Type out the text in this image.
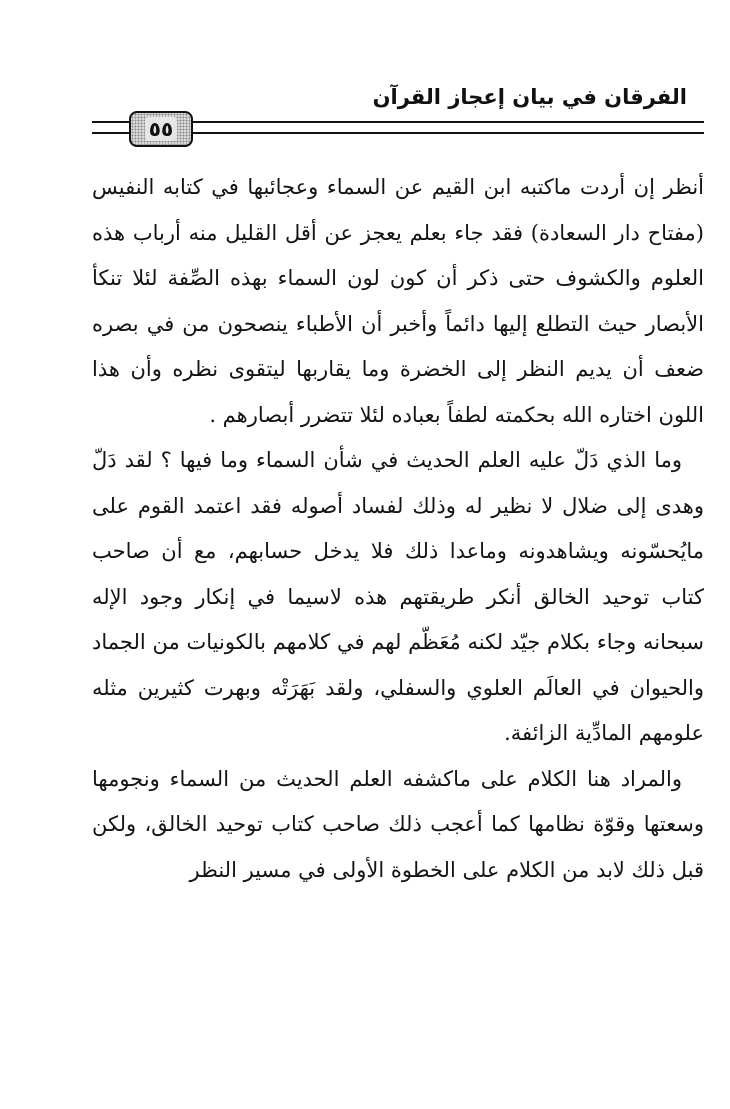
الفرقان في بيان إعجاز القرآن
٥٥

أنظر إن أردت ماكتبه ابن القيم عن السماء وعجائبها في كتابه النفيس (مفتاح دار السعادة) فقد جاء بعلم يعجز عن أقل القليل منه أرباب هذه العلوم والكشوف حتى ذكر أن كون لون السماء بهذه الصِّفة لئلا تنكأ الأبصار حيث التطلع إليها دائماً وأخبر أن الأطباء ينصحون من في بصره ضعف أن يديم النظر إلى الخضرة وما يقاربها ليتقوى نظره وأن هذا اللون اختاره الله بحكمته لطفاً بعباده لئلا تتضرر أبصارهم .

وما الذي دَلّ عليه العلم الحديث في شأن السماء وما فيها ؟ لقد دَلّ وهدى إلى ضلال لا نظير له وذلك لفساد أصوله فقد اعتمد القوم على مايُحسّونه ويشاهدونه وماعدا ذلك فلا يدخل حسابهم، مع أن صاحب كتاب توحيد الخالق أنكر طريقتهم هذه لاسيما في إنكار وجود الإله سبحانه وجاء بكلام جيّد لكنه مُعَظّم لهم في كلامهم بالكونيات من الجماد والحيوان في العالَم العلوي والسفلي، ولقد بَهَرَتْه وبهرت كثيرين مثله علومهم المادِّية الزائفة.

والمراد هنا الكلام على ماكشفه العلم الحديث من السماء ونجومها وسعتها وقوّة نظامها كما أعجب ذلك صاحب كتاب توحيد الخالق، ولكن قبل ذلك لابد من الكلام على الخطوة الأولى في مسير النظر
